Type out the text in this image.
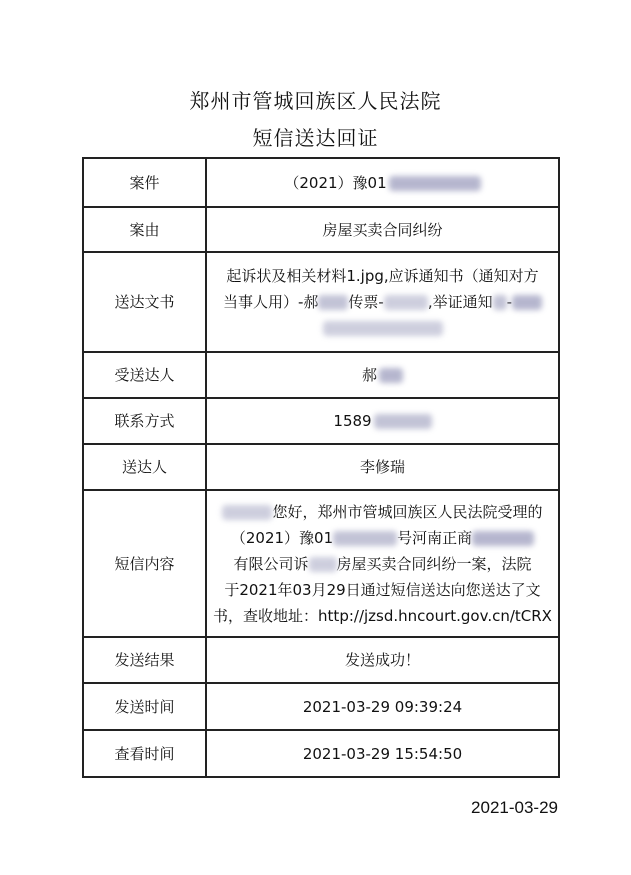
郑州市管城回族区人民法院
短信送达回证
案件	（2021）豫01

案由	房屋买卖合同纠纷

送达文书	起诉状及相关材料1.jpg,应诉通知书（通知对方
当事人用）-郝 传票- ,举证通知 -

受送达人	郝

联系方式	1589

送达人	李修瑞

短信内容	您好，郑州市管城回族区人民法院受理的
（2021）豫01 号河南正商
有限公司诉 房屋买卖合同纠纷一案，法院
于2021年03月29日通过短信送达向您送达了文
书，查收地址：http://jzsd.hncourt.gov.cn/tCRX

发送结果	发送成功！

发送时间	2021-03-29 09:39:24

查看时间	2021-03-29 15:54:50
2021-03-29
